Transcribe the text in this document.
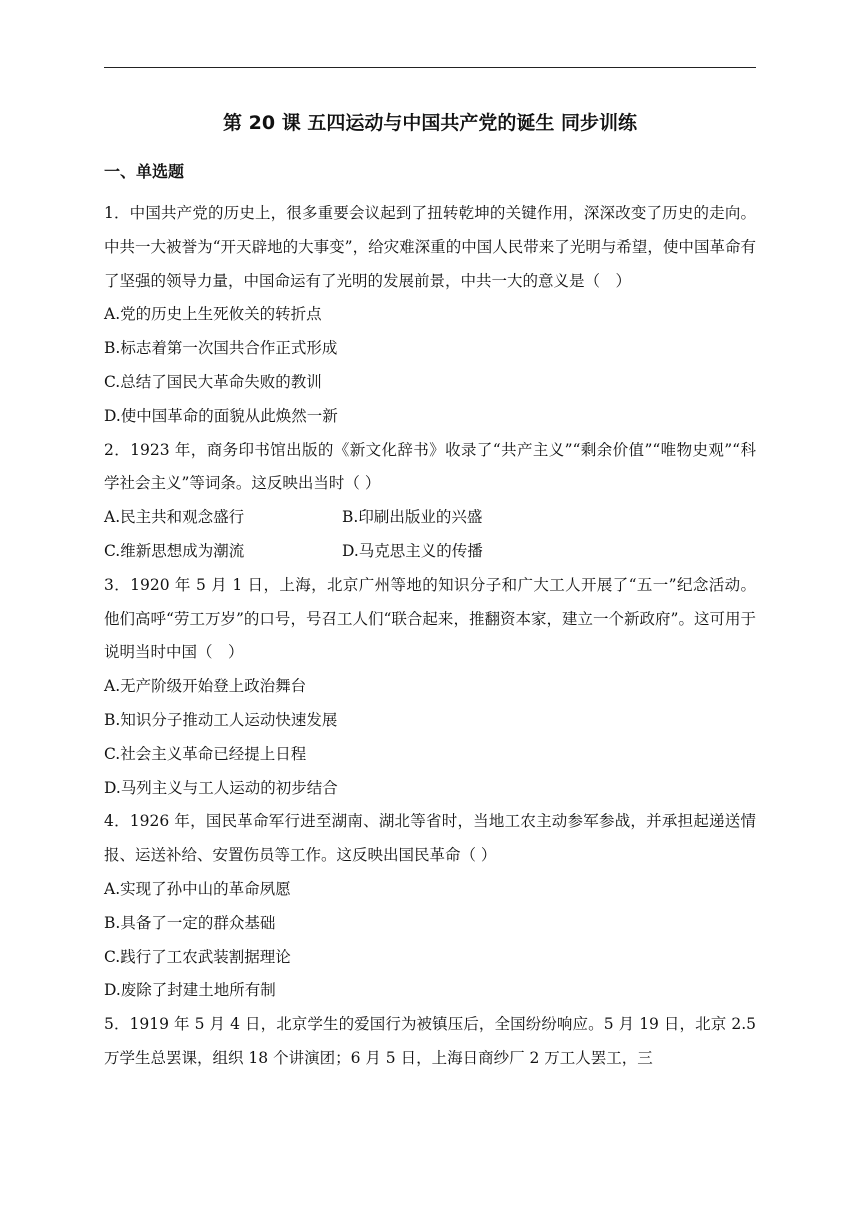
第 20 课 五四运动与中国共产党的诞生 同步训练
一、单选题

1．中国共产党的历史上，很多重要会议起到了扭转乾坤的关键作用，深深改变了历史的走向。中共一大被誉为“开天辟地的大事变”，给灾难深重的中国人民带来了光明与希望，使中国革命有了坚强的领导力量，中国命运有了光明的发展前景，中共一大的意义是（　）

A.党的历史上生死攸关的转折点

B.标志着第一次国共合作正式形成

C.总结了国民大革命失败的教训

D.使中国革命的面貌从此焕然一新

2．1923 年，商务印书馆出版的《新文化辞书》收录了“共产主义”“剩余价值”“唯物史观”“科学社会主义”等词条。这反映出当时（ ）

A.民主共和观念盛行	B.印刷出版业的兴盛

C.维新思想成为潮流	D.马克思主义的传播

3．1920 年 5 月 1 日，上海，北京广州等地的知识分子和广大工人开展了“五一”纪念活动。他们高呼“劳工万岁”的口号，号召工人们“联合起来，推翻资本家，建立一个新政府”。这可用于说明当时中国（　）

A.无产阶级开始登上政治舞台

B.知识分子推动工人运动快速发展

C.社会主义革命已经提上日程

D.马列主义与工人运动的初步结合

4．1926 年，国民革命军行进至湖南、湖北等省时，当地工农主动参军参战，并承担起递送情报、运送补给、安置伤员等工作。这反映出国民革命（ ）

A.实现了孙中山的革命夙愿

B.具备了一定的群众基础

C.践行了工农武装割据理论

D.废除了封建土地所有制

5．1919 年 5 月 4 日，北京学生的爱国行为被镇压后，全国纷纷响应。5 月 19 日，北京 2.5 万学生总罢课，组织 18 个讲演团；6 月 5 日，上海日商纱厂 2 万工人罢工，三
